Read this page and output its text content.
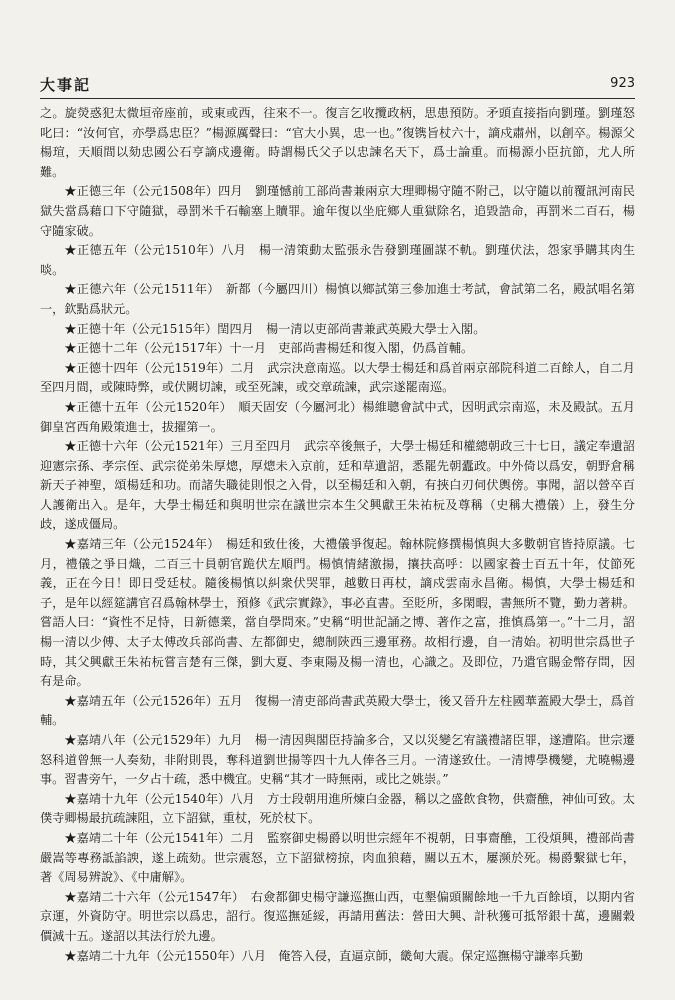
大事記	923

之。旋熒惑犯太微垣帝座前，或東或西，往來不一。復言乞收攬政柄，思患預防。矛頭直接指向劉瑾。劉瑾怒叱曰：“汝何官，亦學爲忠臣？”楊源厲聲曰：“官大小異，忠一也。”復镌旨杖六十，謫戍肅州，以創卒。楊源父楊瑄，天順間以劾忠國公石亨謫戍邊衛。時謂楊氏父子以忠諫名天下，爲士論重。而楊源小臣抗節，尤人所難。

★正德三年（公元1508年）四月　劉瑾憾前工部尚書兼兩京大理卿楊守隨不附己，以守隨以前覆訊河南民獄失當爲藉口下守隨獄，尋罰米千石輸塞上贖罪。逾年復以坐庇鄉人重獄除名，追毀誥命，再罰米二百石，楊守隨家破。

★正德五年（公元1510年）八月　楊一清策動太監張永告發劉瑾圖謀不軌。劉瑾伏法，怨家爭購其肉生啖。

★正德六年（公元1511年）　新都（今屬四川）楊慎以鄉試第三參加進士考試，會試第二名，殿試唱名第一，欽點爲狀元。

★正德十年（公元1515年）閏四月　楊一清以吏部尚書兼武英殿大學士入閣。

★正德十二年（公元1517年）十一月　吏部尚書楊廷和復入閣，仍爲首輔。

★正德十四年（公元1519年）二月　武宗決意南巡。以大學士楊廷和爲首兩京部院科道二百餘人，自二月至四月間，或陳時弊，或伏闕切諫，或至死諫，或交章疏諫，武宗遂罷南巡。

★正德十五年（公元1520年）　順天固安（今屬河北）楊維聰會試中式，因明武宗南巡，未及殿試。五月御皇宮西角殿策進士，拔擢第一。

★正德十六年（公元1521年）三月至四月　武宗卒後無子，大學士楊廷和權總朝政三十七日，議定奉遺詔迎憲宗孫、孝宗侄、武宗從弟朱厚熜，厚熜未入京前，廷和草遺詔，悉罷先朝蠹政。中外倚以爲安，朝野倉稱新天子神聖，頌楊廷和功。而諸失職徒則恨之入骨，以至楊廷和入朝，有挾白刃伺伏輿傍。事聞，詔以營卒百人護衛出入。是年，大學士楊廷和與明世宗在議世宗本生父興獻王朱祐杬及尊稱（史稱大禮儀）上，發生分歧，遂成僵局。

★嘉靖三年（公元1524年）　楊廷和致仕後，大禮儀爭復起。翰林院修撰楊慎與大多數朝官皆持原議。七月，禮儀之爭日熾，二百三十員朝官跪伏左順門。楊慎情緒激揚，攘扶高呼：以國家養士百五十年，仗節死義，正在今日！即日受廷杖。隨後楊慎以糾衆伏哭罪，越數日再杖，謫戍雲南永昌衛。楊慎，大學士楊廷和子，是年以經筵講官召爲翰林學士，預修《武宗實錄》，事必直書。至貶所，多閑暇，書無所不覽，勤力著耕。嘗語人曰：“資性不足恃，日新德業，當自學問來。”史稱“明世記誦之博、著作之富，推慎爲第一。”十二月，詔楊一清以少傅、太子太傅改兵部尚書、左都御史，總制陝西三邊軍務。故相行邊，自一清始。初明世宗爲世子時，其父興獻王朱祐杬嘗言楚有三傑，劉大夏、李東陽及楊一清也，心識之。及即位，乃遣官賜金幣存問，因有是命。

★嘉靖五年（公元1526年）五月　復楊一清吏部尚書武英殿大學士，後又晉升左柱國華蓋殿大學士，爲首輔。

★嘉靖八年（公元1529年）九月　楊一清因與閣臣持論多合，又以災變乞宥議禮諸臣罪，遂遭陷。世宗遷怒科道曾無一人奏劾，非附則畏，奪科道劉世揚等四十九人俸各三月。一清遂致仕。一清博學機變，尤曉暢邊事。習書旁午，一夕占十疏，悉中機宜。史稱“其才一時無兩，或比之姚崇。”

★嘉靖十九年（公元1540年）八月　方士段朝用進所煉白金器，稱以之盛飲食物，供齋醮，神仙可致。太僕寺卿楊最抗疏諫阻，立下詔獄，重杖，死於杖下。

★嘉靖二十年（公元1541年）二月　監察御史楊爵以明世宗經年不視朝，日事齋醮，工役煩興，禮部尚書嚴嵩等專務詆諂諛，遂上疏劾。世宗震怒，立下詔獄榜掠，肉血狼藉，關以五木，屢濒於死。楊爵繫獄七年，著《周易辨說》、《中庸解》。

★嘉靖二十六年（公元1547年）　右僉都御史楊守謙巡撫山西，屯墾偏頭關餘地一千九百餘頃，以期内省京運，外資防守。明世宗以爲忠，詔行。復巡撫延綏，再請用舊法：營田大興、計秋獲可抵帑銀十萬，邊關穀價減十五。遂詔以其法行於九邊。

★嘉靖二十九年（公元1550年）八月　俺答入侵，直逼京師，畿甸大震。保定巡撫楊守謙率兵勤
